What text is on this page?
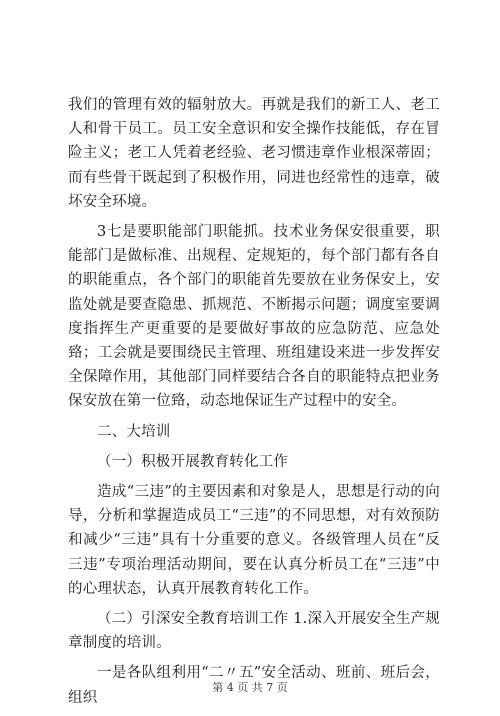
我们的管理有效的辐射放大。再就是我们的新工人、老工人和骨干员工。员工安全意识和安全操作技能低，存在冒险主义；老工人凭着老经验、老习惯违章作业根深蒂固；而有些骨干既起到了积极作用，同进也经常性的违章，破坏安全环境。

3七是要职能部门职能抓。技术业务保安很重要，职能部门是做标准、出规程、定规矩的，每个部门都有各自的职能重点，各个部门的职能首先要放在业务保安上，安监处就是要查隐患、抓规范、不断揭示问题；调度室要调度指挥生产更重要的是要做好事故的应急防范、应急处臵；工会就是要围绕民主管理、班组建设来进一步发挥安全保障作用，其他部门同样要结合各自的职能特点把业务保安放在第一位臵，动态地保证生产过程中的安全。

二、大培训

（一）积极开展教育转化工作

造成“三违”的主要因素和对象是人，思想是行动的向导，分析和掌握造成员工“三违”的不同思想，对有效预防和减少“三违”具有十分重要的意义。各级管理人员在“反三违”专项治理活动期间，要在认真分析员工在“三违”中的心理状态，认真开展教育转化工作。

（二）引深安全教育培训工作 1.深入开展安全生产规章制度的培训。

一是各队组利用“二〃五”安全活动、班前、班后会，组织

第 4 页 共 7 页
